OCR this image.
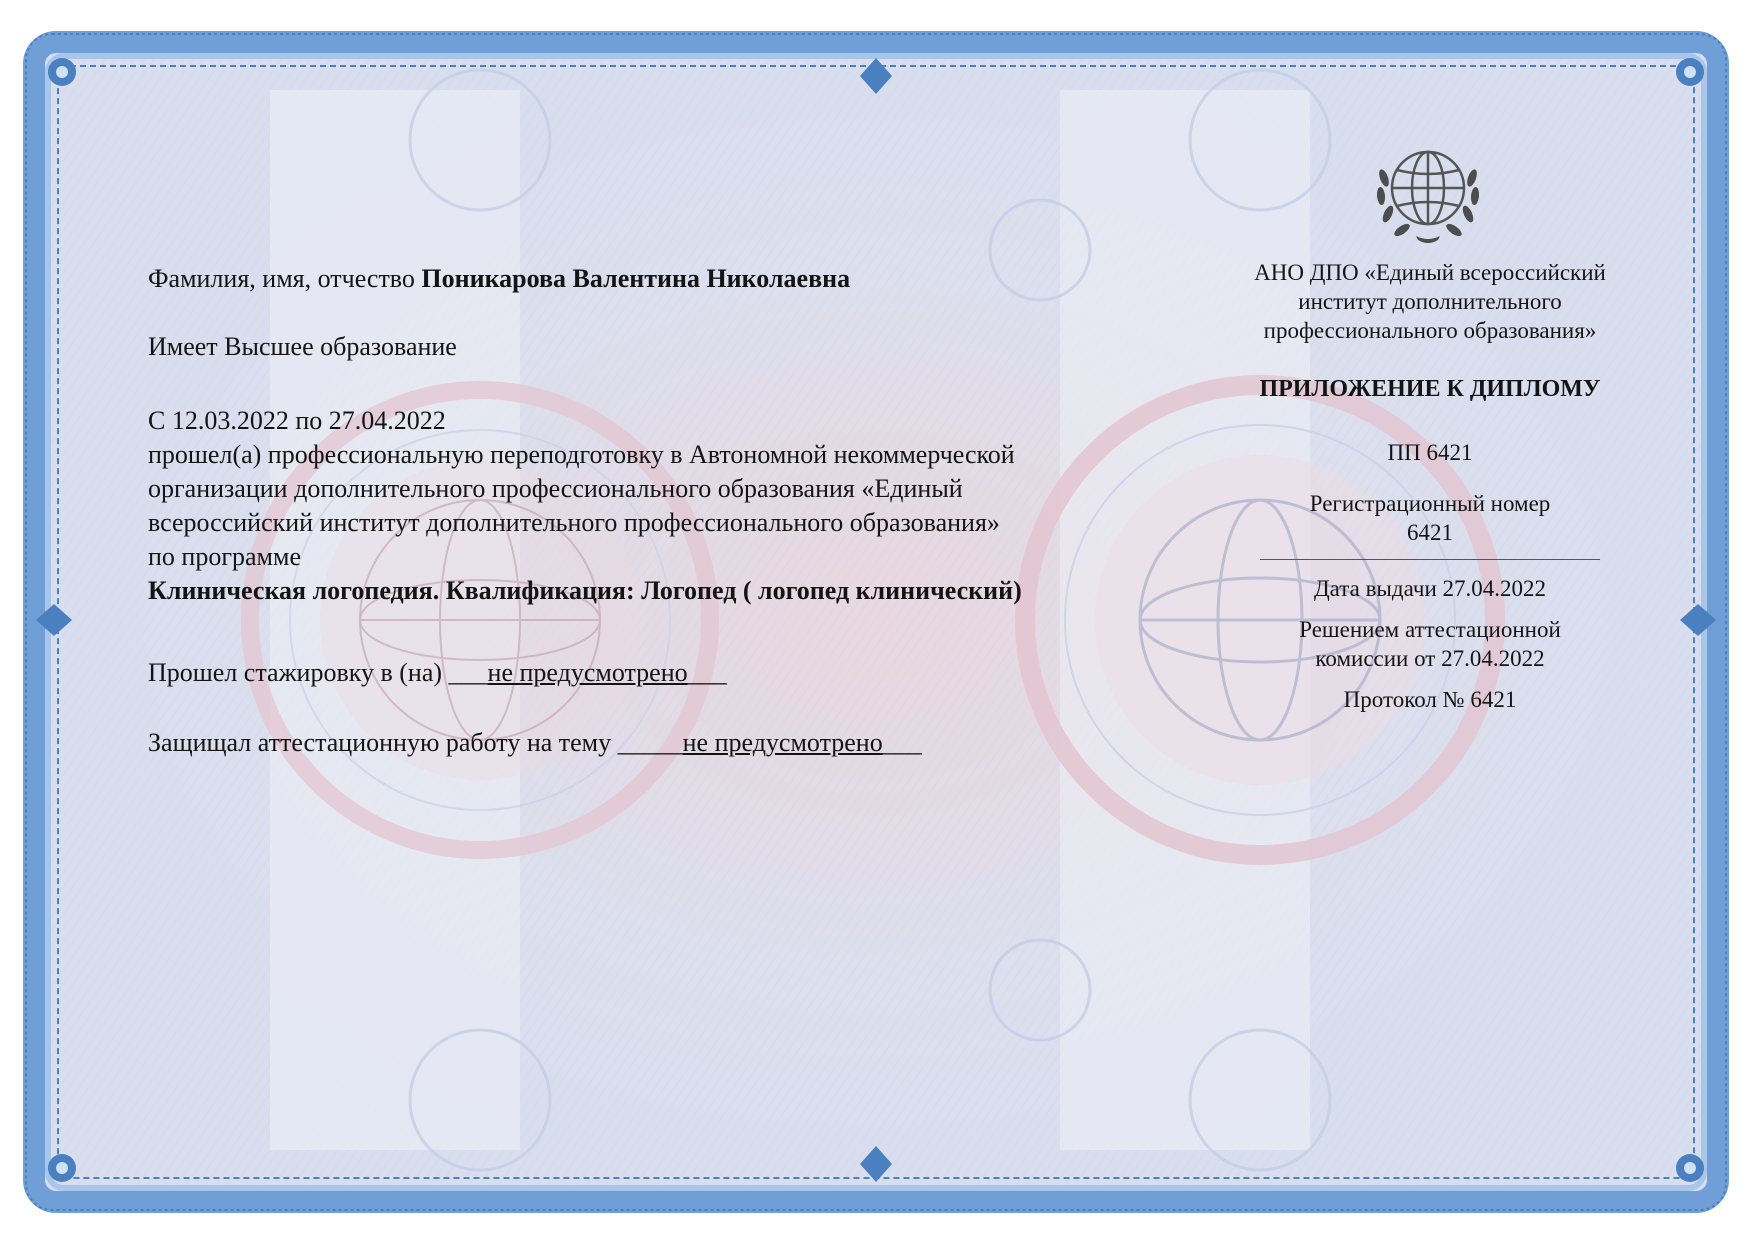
Фамилия, имя, отчество Поникарова Валентина Николаевна

Имеет Высшее образование

С 12.03.2022 по 27.04.2022

прошел(а) профессиональную переподготовку в Автономной некоммерческой организации дополнительного профессионального образования «Единый всероссийский институт дополнительного профессионального образования» по программе

Клиническая логопедия. Квалификация: Логопед ( логопед клинический)

Прошел стажировку в (на) ___не предусмотрено___

Защищал аттестационную работу на тему _____не предусмотрено___

АНО ДПО «Единый всероссийский институт дополнительного профессионального образования»

ПРИЛОЖЕНИЕ К ДИПЛОМУ

ПП 6421

Регистрационный номер

6421

Дата выдачи 27.04.2022

Решением аттестационной комиссии от 27.04.2022

Протокол № 6421
